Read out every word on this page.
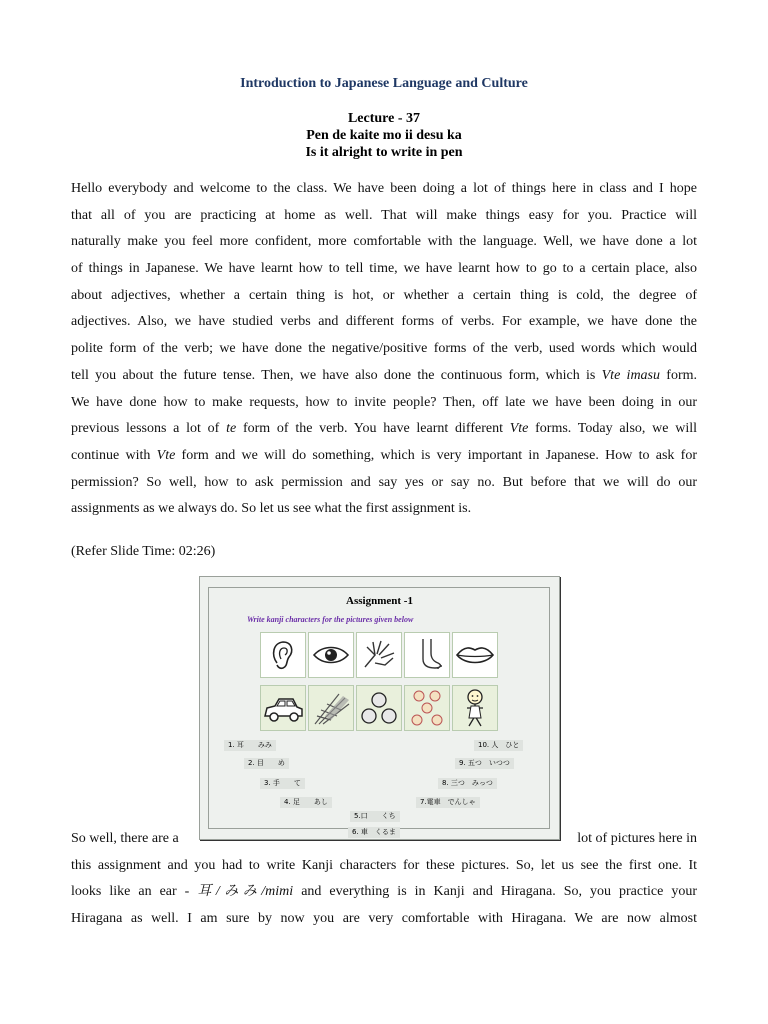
Introduction to Japanese Language and Culture
Lecture - 37
Pen de kaite mo ii desu ka
Is it alright to write in pen
Hello everybody and welcome to the class. We have been doing a lot of things here in class and I hope
that all of you are practicing at home as well. That will make things easy for you. Practice will
naturally make you feel more confident, more comfortable with the language. Well, we have done a lot
of things in Japanese. We have learnt how to tell time, we have learnt how to go to a certain place, also
about adjectives, whether a certain thing is hot, or whether a certain thing is cold, the degree of
adjectives. Also, we have studied verbs and different forms of verbs. For example, we have done the
polite form of the verb; we have done the negative/positive forms of the verb, used words which would
tell you about the future tense. Then, we have also done the continuous form, which is Vte imasu form.
We have done how to make requests, how to invite people? Then, off late we have been doing in our
previous lessons a lot of te form of the verb. You have learnt different Vte forms. Today also, we will
continue with Vte form and we will do something, which is very important in Japanese. How to ask for
permission? So well, how to ask permission and say yes or say no. But before that we will do our
assignments as we always do. So let us see what the first assignment is.
(Refer Slide Time: 02:26)
Assignment -1
Write kanji characters for the pictures given below
1. 耳　　みみ
2. 目　　め
3. 手　　て
4. 足　　あし
5.口　　くち
6. 車　くるま
7.電車　でんしゃ
8. 三つ　みっつ
9. 五つ　いつつ
10. 人　ひと
So well, there are a	lot of pictures here in
this assignment and you had to write Kanji characters for these pictures. So, let us see the first one. It
looks like an ear - 耳/みみ/mimi and everything is in Kanji and Hiragana. So, you practice your
Hiragana as well. I am sure by now you are very comfortable with Hiragana. We are now almost
